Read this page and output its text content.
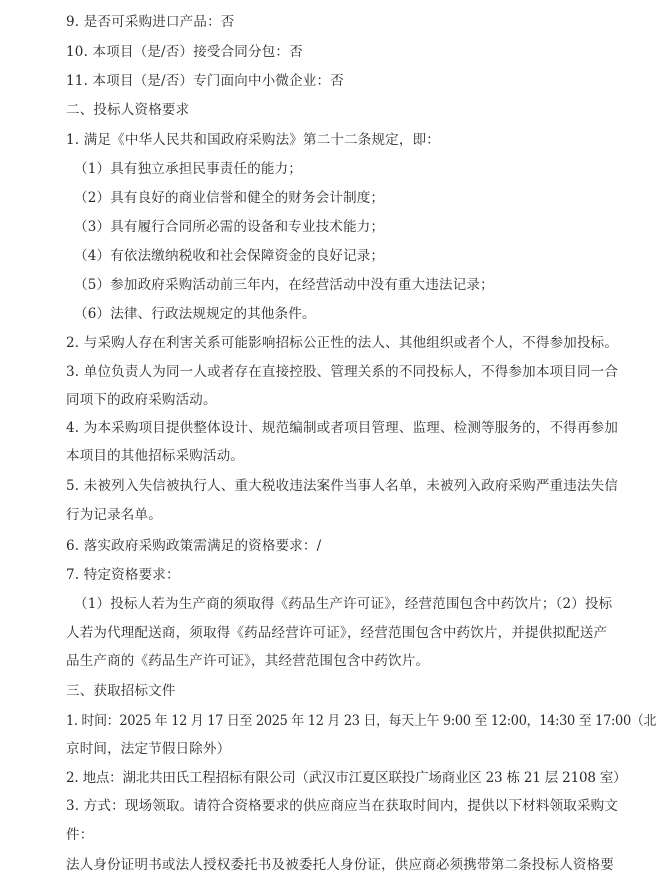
9. 是否可采购进口产品：否
10. 本项目（是/否）接受合同分包：否
11. 本项目（是/否）专门面向中小微企业：否
二、投标人资格要求
1. 满足《中华人民共和国政府采购法》第二十二条规定，即：
（1）具有独立承担民事责任的能力；
（2）具有良好的商业信誉和健全的财务会计制度；
（3）具有履行合同所必需的设备和专业技术能力；
（4）有依法缴纳税收和社会保障资金的良好记录；
（5）参加政府采购活动前三年内，在经营活动中没有重大违法记录；
（6）法律、行政法规规定的其他条件。
2. 与采购人存在利害关系可能影响招标公正性的法人、其他组织或者个人，不得参加投标。
3. 单位负责人为同一人或者存在直接控股、管理关系的不同投标人，不得参加本项目同一合
同项下的政府采购活动。
4. 为本采购项目提供整体设计、规范编制或者项目管理、监理、检测等服务的，不得再参加
本项目的其他招标采购活动。
5. 未被列入失信被执行人、重大税收违法案件当事人名单，未被列入政府采购严重违法失信
行为记录名单。
6. 落实政府采购政策需满足的资格要求：/
7. 特定资格要求：
（1）投标人若为生产商的须取得《药品生产许可证》，经营范围包含中药饮片；（2）投标
人若为代理配送商，须取得《药品经营许可证》，经营范围包含中药饮片，并提供拟配送产
品生产商的《药品生产许可证》，其经营范围包含中药饮片。
三、获取招标文件
1. 时间：2025 年 12 月 17 日至 2025 年 12 月 23 日，每天上午 9:00 至 12:00，14:30 至 17:00（北
京时间，法定节假日除外）
2. 地点：湖北共田氏工程招标有限公司（武汉市江夏区联投广场商业区 23 栋 21 层 2108 室）
3. 方式：现场领取。请符合资格要求的供应商应当在获取时间内，提供以下材料领取采购文
件：
法人身份证明书或法人授权委托书及被委托人身份证，供应商必须携带第二条投标人资格要
